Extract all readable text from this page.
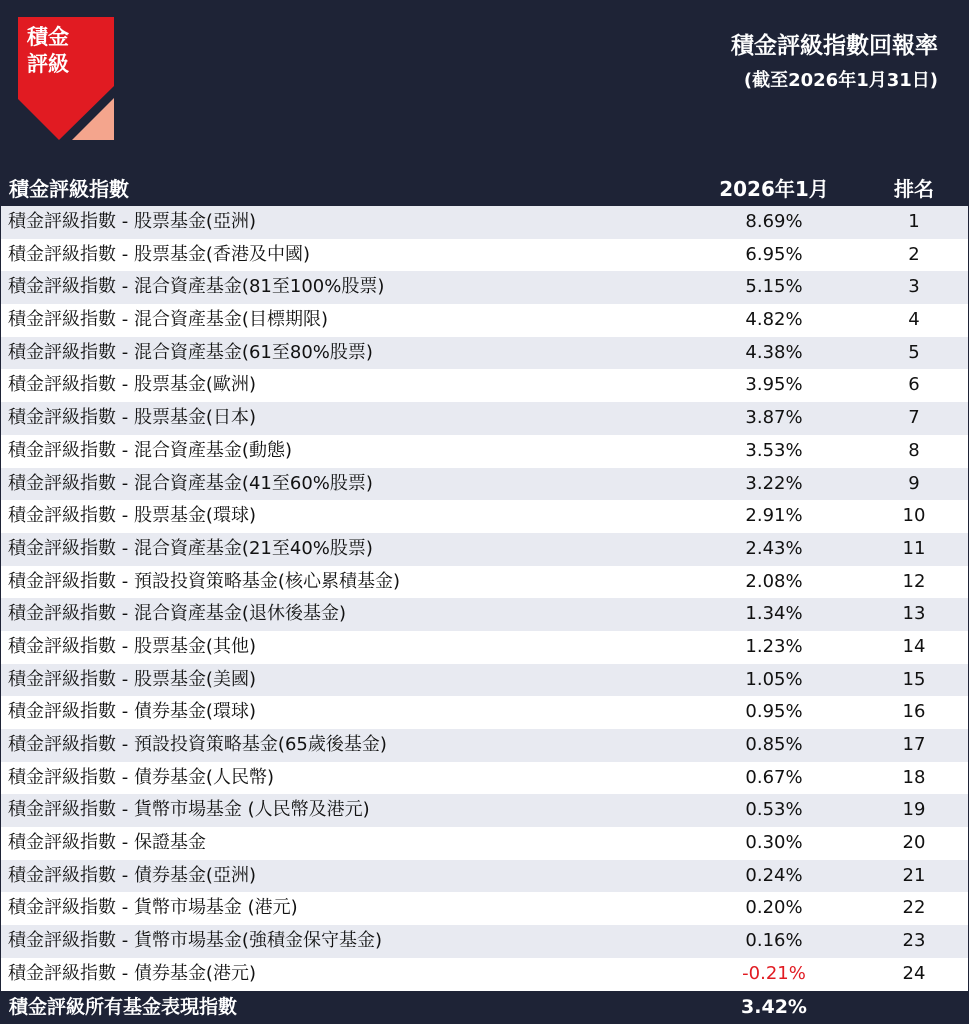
積金
評級
積金評級指數回報率
(截至2026年1月31日)
積金評級指數	2026年1月	排名
積金評級指數 - 股票基金(亞洲)	8.69%	1
積金評級指數 - 股票基金(香港及中國)	6.95%	2
積金評級指數 - 混合資產基金(81至100%股票)	5.15%	3
積金評級指數 - 混合資產基金(目標期限)	4.82%	4
積金評級指數 - 混合資產基金(61至80%股票)	4.38%	5
積金評級指數 - 股票基金(歐洲)	3.95%	6
積金評級指數 - 股票基金(日本)	3.87%	7
積金評級指數 - 混合資產基金(動態)	3.53%	8
積金評級指數 - 混合資產基金(41至60%股票)	3.22%	9
積金評級指數 - 股票基金(環球)	2.91%	10
積金評級指數 - 混合資產基金(21至40%股票)	2.43%	11
積金評級指數 - 預設投資策略基金(核心累積基金)	2.08%	12
積金評級指數 - 混合資產基金(退休後基金)	1.34%	13
積金評級指數 - 股票基金(其他)	1.23%	14
積金評級指數 - 股票基金(美國)	1.05%	15
積金評級指數 - 債券基金(環球)	0.95%	16
積金評級指數 - 預設投資策略基金(65歲後基金)	0.85%	17
積金評級指數 - 債券基金(人民幣)	0.67%	18
積金評級指數 - 貨幣市場基金 (人民幣及港元)	0.53%	19
積金評級指數 - 保證基金	0.30%	20
積金評級指數 - 債券基金(亞洲)	0.24%	21
積金評級指數 - 貨幣市場基金 (港元)	0.20%	22
積金評級指數 - 貨幣市場基金(強積金保守基金)	0.16%	23
積金評級指數 - 債券基金(港元)	-0.21%	24
積金評級所有基金表現指數	3.42%
